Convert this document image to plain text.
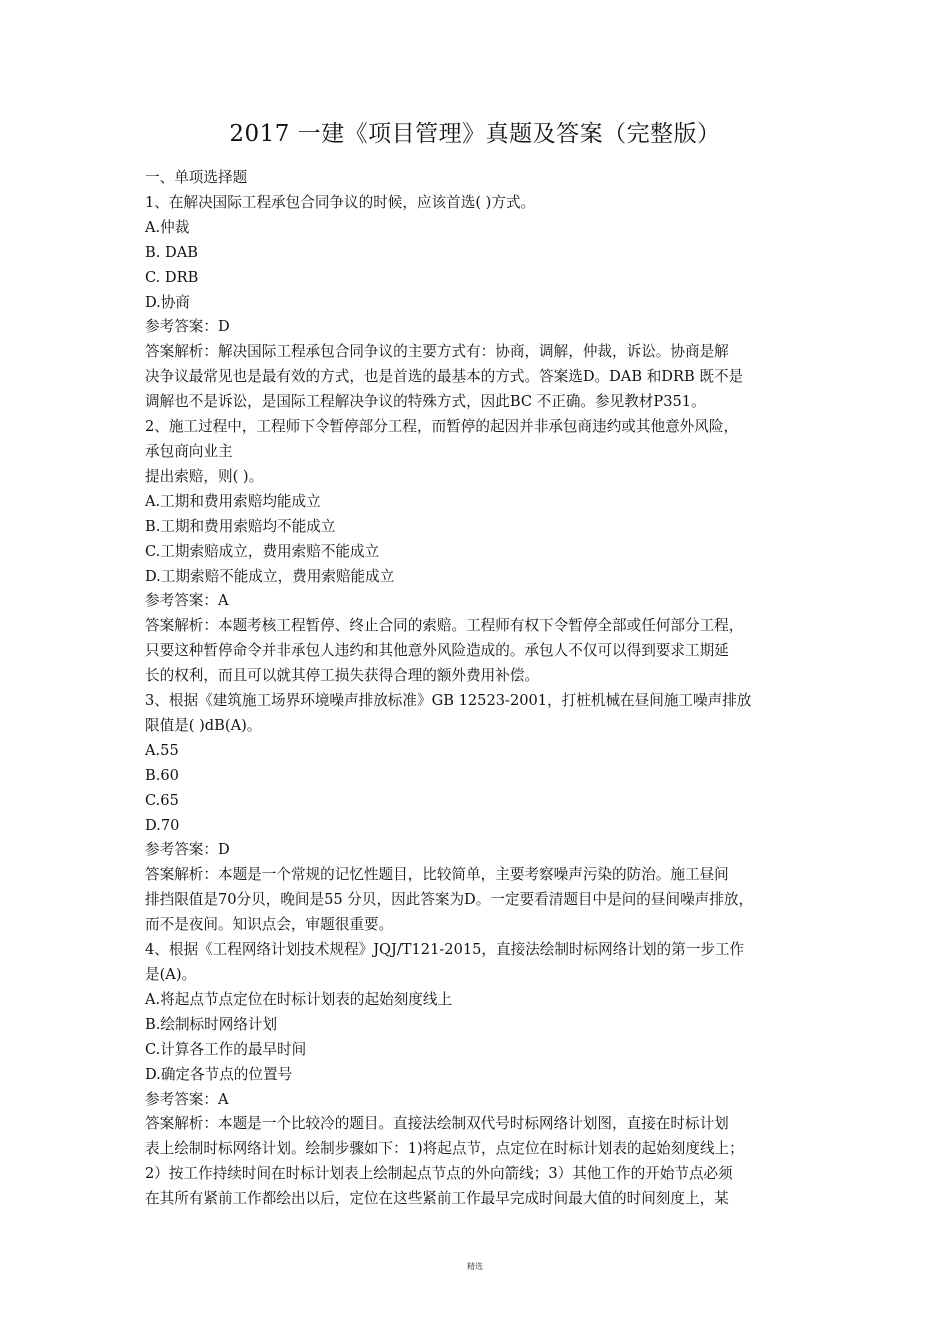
2017 一建《项目管理》真题及答案（完整版）
一、单项选择题
1、在解决国际工程承包合同争议的时候，应该首选( )方式。
A.仲裁
B. DAB
C. DRB
D.协商
参考答案：D
答案解析：解决国际工程承包合同争议的主要方式有：协商，调解，仲裁，诉讼。协商是解
决争议最常见也是最有效的方式，也是首选的最基本的方式。答案选D。DAB 和DRB 既不是
调解也不是诉讼，是国际工程解决争议的特殊方式，因此BC 不正确。参见教材P351。
2、施工过程中，工程师下令暂停部分工程，而暂停的起因并非承包商违约或其他意外风险，
承包商向业主
提出索赔，则( )。
A.工期和费用索赔均能成立
B.工期和费用索赔均不能成立
C.工期索赔成立，费用索赔不能成立
D.工期索赔不能成立，费用索赔能成立
参考答案：A
答案解析：本题考核工程暂停、终止合同的索赔。工程师有权下令暂停全部或任何部分工程，
只要这种暂停命令并非承包人违约和其他意外风险造成的。承包人不仅可以得到要求工期延
长的权利，而且可以就其停工损失获得合理的额外费用补偿。
3、根据《建筑施工场界环境噪声排放标准》GB 12523-2001，打桩机械在昼间施工噪声排放
限值是( )dB(A)。
A.55
B.60
C.65
D.70
参考答案：D
答案解析：本题是一个常规的记忆性题目，比较简单，主要考察噪声污染的防治。施工昼间
排挡限值是70分贝，晚间是55 分贝，因此答案为D。一定要看清题目中是问的昼间噪声排放，
而不是夜间。知识点会，审题很重要。
4、根据《工程网络计划技术规程》JQJ/T121-2015，直接法绘制时标网络计划的第一步工作
是(A)。
A.将起点节点定位在时标计划表的起始刻度线上
B.绘制标时网络计划
C.计算各工作的最早时间
D.确定各节点的位置号
参考答案：A
答案解析：本题是一个比较冷的题目。直接法绘制双代号时标网络计划图，直接在时标计划
表上绘制时标网络计划。绘制步骤如下：1)将起点节，点定位在时标计划表的起始刻度线上；
2）按工作持续时间在时标计划表上绘制起点节点的外向箭线；3）其他工作的开始节点必须
在其所有紧前工作都绘出以后，定位在这些紧前工作最早完成时间最大值的时间刻度上，某
精选
